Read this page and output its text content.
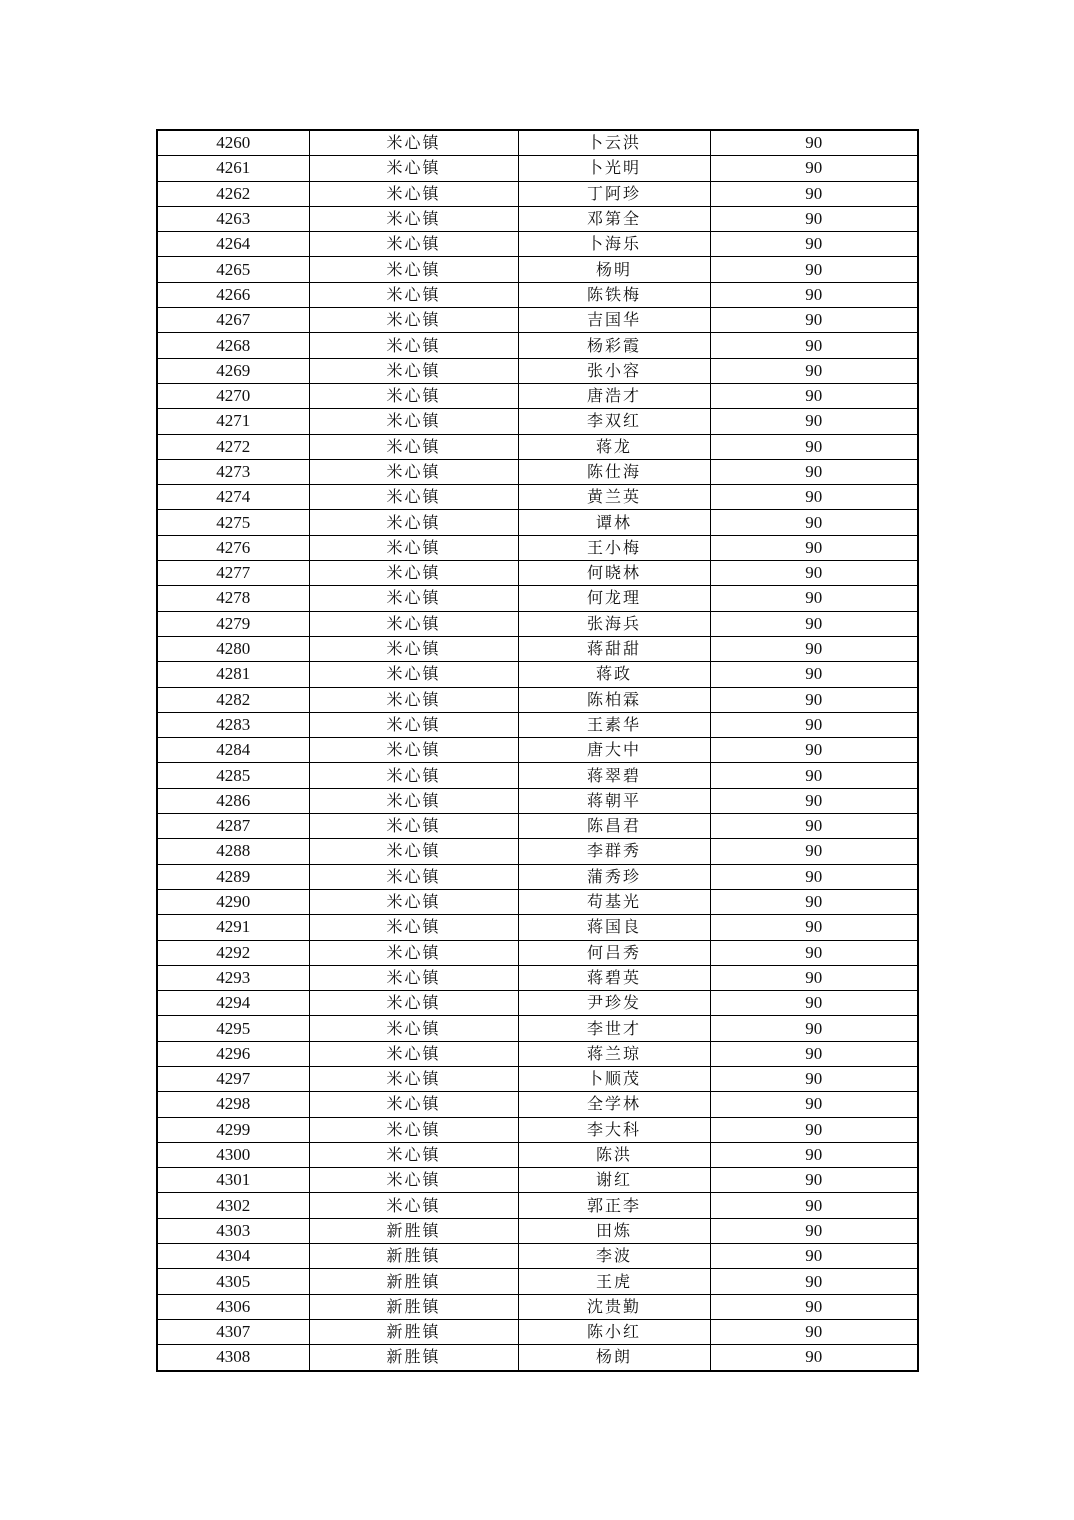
4260	米心镇	卜云洪	90
4261	米心镇	卜光明	90
4262	米心镇	丁阿珍	90
4263	米心镇	邓第全	90
4264	米心镇	卜海乐	90
4265	米心镇	杨明	90
4266	米心镇	陈铁梅	90
4267	米心镇	吉国华	90
4268	米心镇	杨彩霞	90
4269	米心镇	张小容	90
4270	米心镇	唐浩才	90
4271	米心镇	李双红	90
4272	米心镇	蒋龙	90
4273	米心镇	陈仕海	90
4274	米心镇	黄兰英	90
4275	米心镇	谭林	90
4276	米心镇	王小梅	90
4277	米心镇	何晓林	90
4278	米心镇	何龙理	90
4279	米心镇	张海兵	90
4280	米心镇	蒋甜甜	90
4281	米心镇	蒋政	90
4282	米心镇	陈柏霖	90
4283	米心镇	王素华	90
4284	米心镇	唐大中	90
4285	米心镇	蒋翠碧	90
4286	米心镇	蒋朝平	90
4287	米心镇	陈昌君	90
4288	米心镇	李群秀	90
4289	米心镇	蒲秀珍	90
4290	米心镇	苟基光	90
4291	米心镇	蒋国良	90
4292	米心镇	何吕秀	90
4293	米心镇	蒋碧英	90
4294	米心镇	尹珍发	90
4295	米心镇	李世才	90
4296	米心镇	蒋兰琼	90
4297	米心镇	卜顺茂	90
4298	米心镇	全学林	90
4299	米心镇	李大科	90
4300	米心镇	陈洪	90
4301	米心镇	谢红	90
4302	米心镇	郭正李	90
4303	新胜镇	田炼	90
4304	新胜镇	李波	90
4305	新胜镇	王虎	90
4306	新胜镇	沈贵勤	90
4307	新胜镇	陈小红	90
4308	新胜镇	杨朗	90
